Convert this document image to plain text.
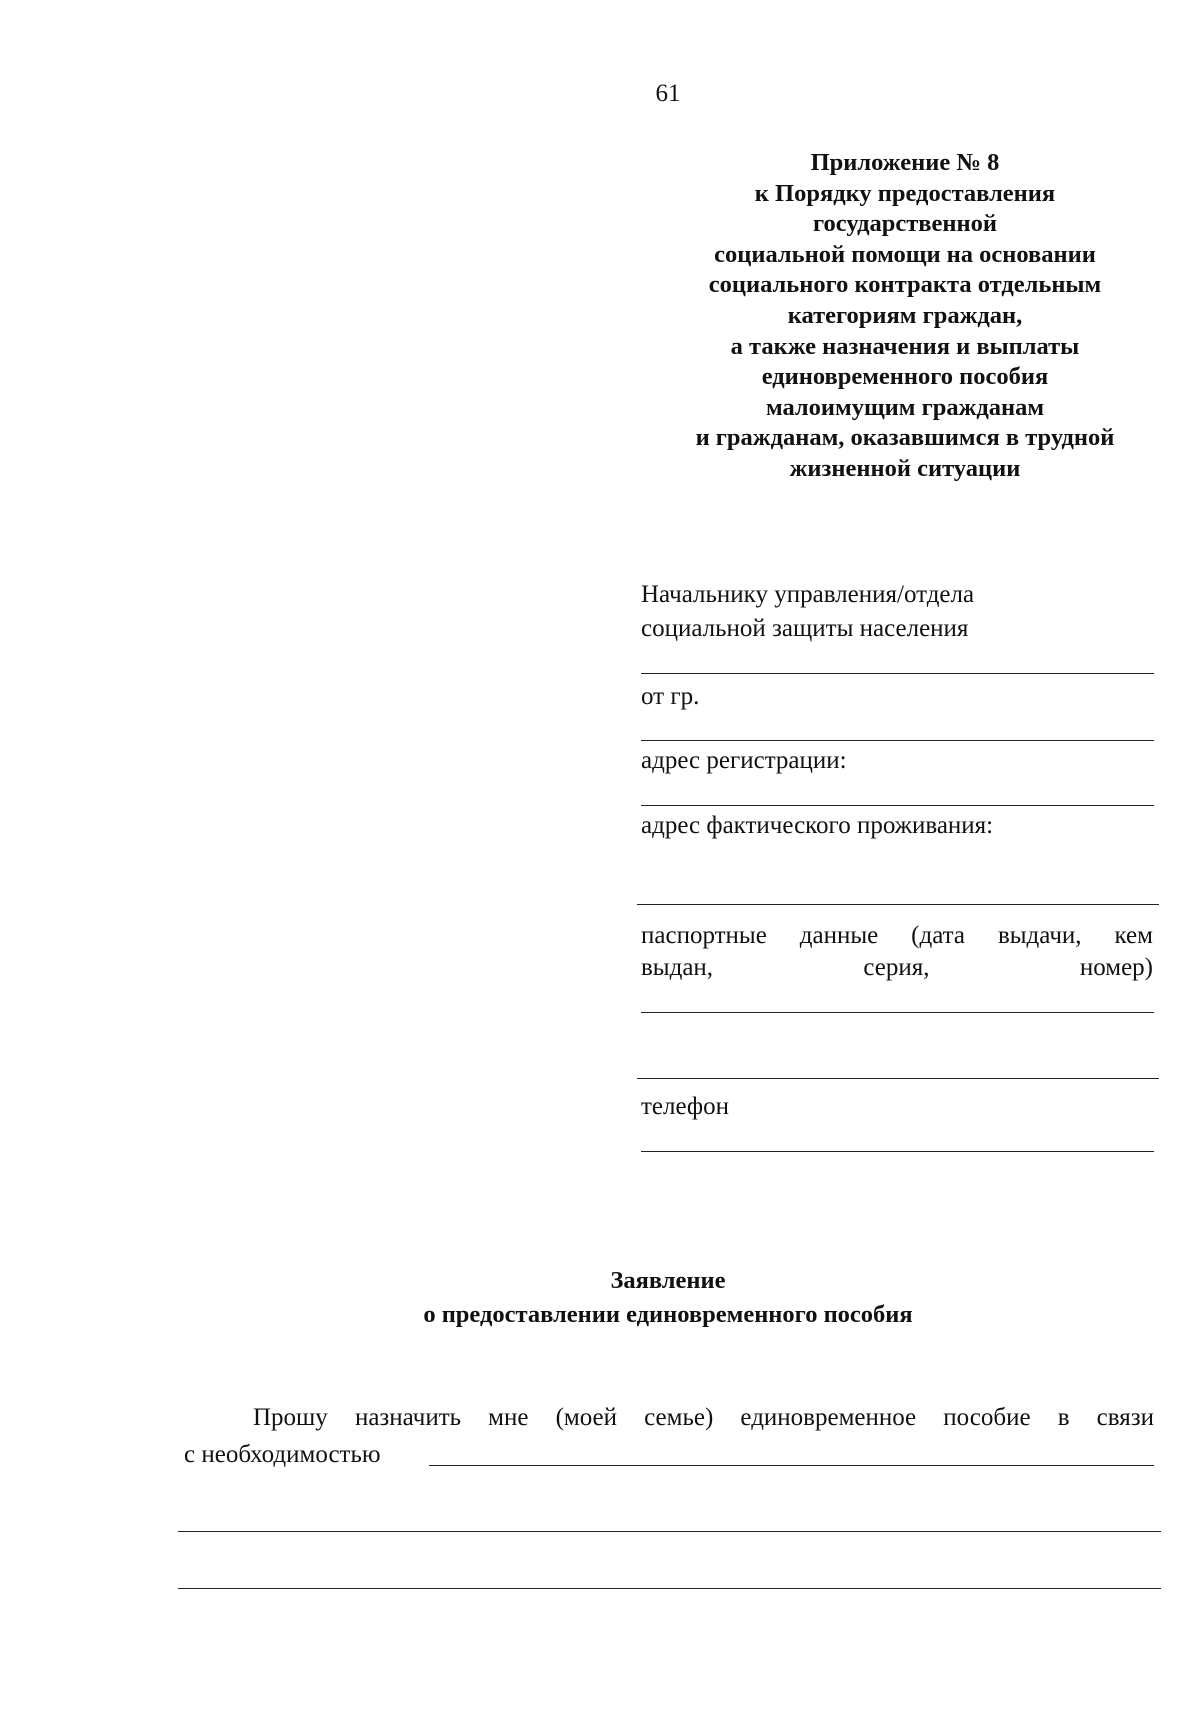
61
Приложение № 8
к Порядку предоставления
государственной
социальной помощи на основании
социального контракта отдельным
категориям граждан,
а также назначения и выплаты
единовременного пособия
малоимущим гражданам
и гражданам, оказавшимся в трудной
жизненной ситуации
Начальнику управления/отдела
социальной защиты населения
от гр.
адрес регистрации:
адрес фактического проживания:
паспортные данные (дата выдачи, кем
выдан,	серия,	номер)
телефон
Заявление
о предоставлении единовременного пособия
Прошу назначить мне (моей семье) единовременное пособие в связи
с необходимостью
